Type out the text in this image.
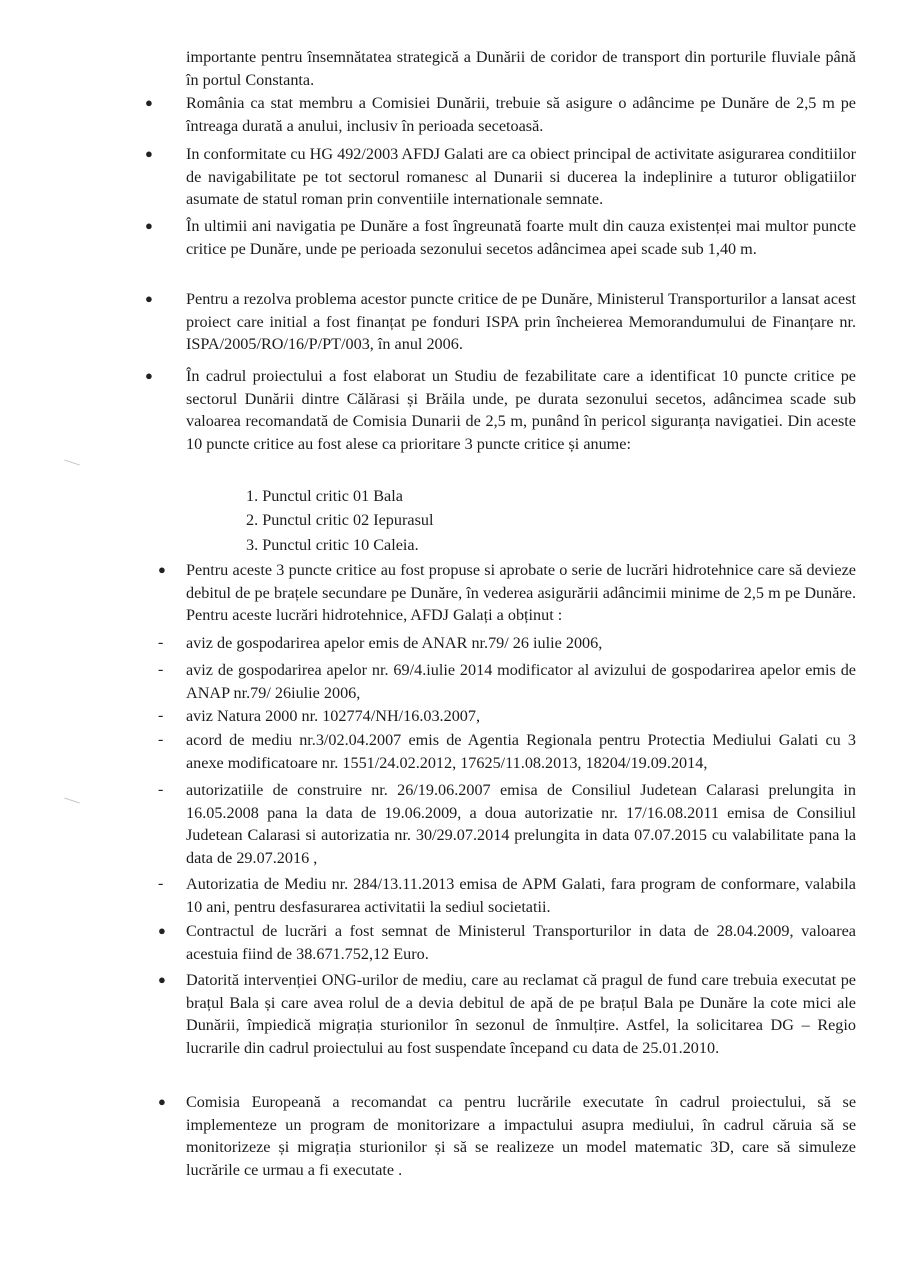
importante pentru însemnătatea strategică a Dunării de coridor de transport din porturile fluviale până în portul Constanta.
● România ca stat membru a Comisiei Dunării, trebuie să asigure o adâncime pe Dunăre de 2,5 m pe întreaga durată a anului, inclusiv în perioada secetoasă.
● In conformitate cu HG 492/2003 AFDJ Galati are ca obiect principal de activitate asigurarea conditiilor de navigabilitate pe tot sectorul romanesc al Dunarii si ducerea la indeplinire a tuturor obligatiilor asumate de statul roman prin conventiile internationale semnate.
● În ultimii ani navigatia pe Dunăre a fost îngreunată foarte mult din cauza existenței mai multor puncte critice pe Dunăre, unde pe perioada sezonului secetos adâncimea apei scade sub 1,40 m.
● Pentru a rezolva problema acestor puncte critice de pe Dunăre, Ministerul Transporturilor a lansat acest proiect care initial a fost finanțat pe fonduri ISPA prin încheierea Memorandumului de Finanțare nr. ISPA/2005/RO/16/P/PT/003, în anul 2006.
● În cadrul proiectului a fost elaborat un Studiu de fezabilitate care a identificat 10 puncte critice pe sectorul Dunării dintre Călărasi și Brăila unde, pe durata sezonului secetos, adâncimea scade sub valoarea recomandată de Comisia Dunarii de 2,5 m, punând în pericol siguranța navigatiei. Din aceste 10 puncte critice au fost alese ca prioritare 3 puncte critice și anume:
1. Punctul critic 01 Bala
2. Punctul critic 02 Iepurasul
3. Punctul critic 10 Caleia.
● Pentru aceste 3 puncte critice au fost propuse si aprobate o serie de lucrări hidrotehnice care să devieze debitul de pe brațele secundare pe Dunăre, în vederea asigurării adâncimii minime de 2,5 m pe Dunăre. Pentru aceste lucrări hidrotehnice, AFDJ Galați a obținut :
- aviz de gospodarirea apelor emis de ANAR nr.79/ 26 iulie 2006,
- aviz de gospodarirea apelor nr. 69/4.iulie 2014 modificator al avizului de gospodarirea apelor emis de ANAP nr.79/ 26iulie 2006,
- aviz Natura 2000 nr. 102774/NH/16.03.2007,
- acord de mediu nr.3/02.04.2007 emis de Agentia Regionala pentru Protectia Mediului Galati cu 3 anexe modificatoare nr. 1551/24.02.2012, 17625/11.08.2013, 18204/19.09.2014,
- autorizatiile de construire nr. 26/19.06.2007 emisa de Consiliul Judetean Calarasi prelungita in 16.05.2008 pana la data de 19.06.2009, a doua autorizatie nr. 17/16.08.2011 emisa de Consiliul Judetean Calarasi si autorizatia nr. 30/29.07.2014 prelungita in data 07.07.2015 cu valabilitate pana la data de 29.07.2016 ,
- Autorizatia de Mediu nr. 284/13.11.2013 emisa de APM Galati, fara program de conformare, valabila 10 ani, pentru desfasurarea activitatii la sediul societatii.
● Contractul de lucrări a fost semnat de Ministerul Transporturilor in data de 28.04.2009, valoarea acestuia fiind de 38.671.752,12 Euro.
● Datorită intervenției ONG-urilor de mediu, care au reclamat că pragul de fund care trebuia executat pe brațul Bala și care avea rolul de a devia debitul de apă de pe brațul Bala pe Dunăre la cote mici ale Dunării, împiedică migrația sturionilor în sezonul de înmulțire. Astfel, la solicitarea DG – Regio lucrarile din cadrul proiectului au fost suspendate începand cu data de 25.01.2010.
● Comisia Europeană a recomandat ca pentru lucrările executate în cadrul proiectului, să se implementeze un program de monitorizare a impactului asupra mediului, în cadrul căruia să se monitorizeze și migrația sturionilor și să se realizeze un model matematic 3D, care să simuleze lucrările ce urmau a fi executate .
